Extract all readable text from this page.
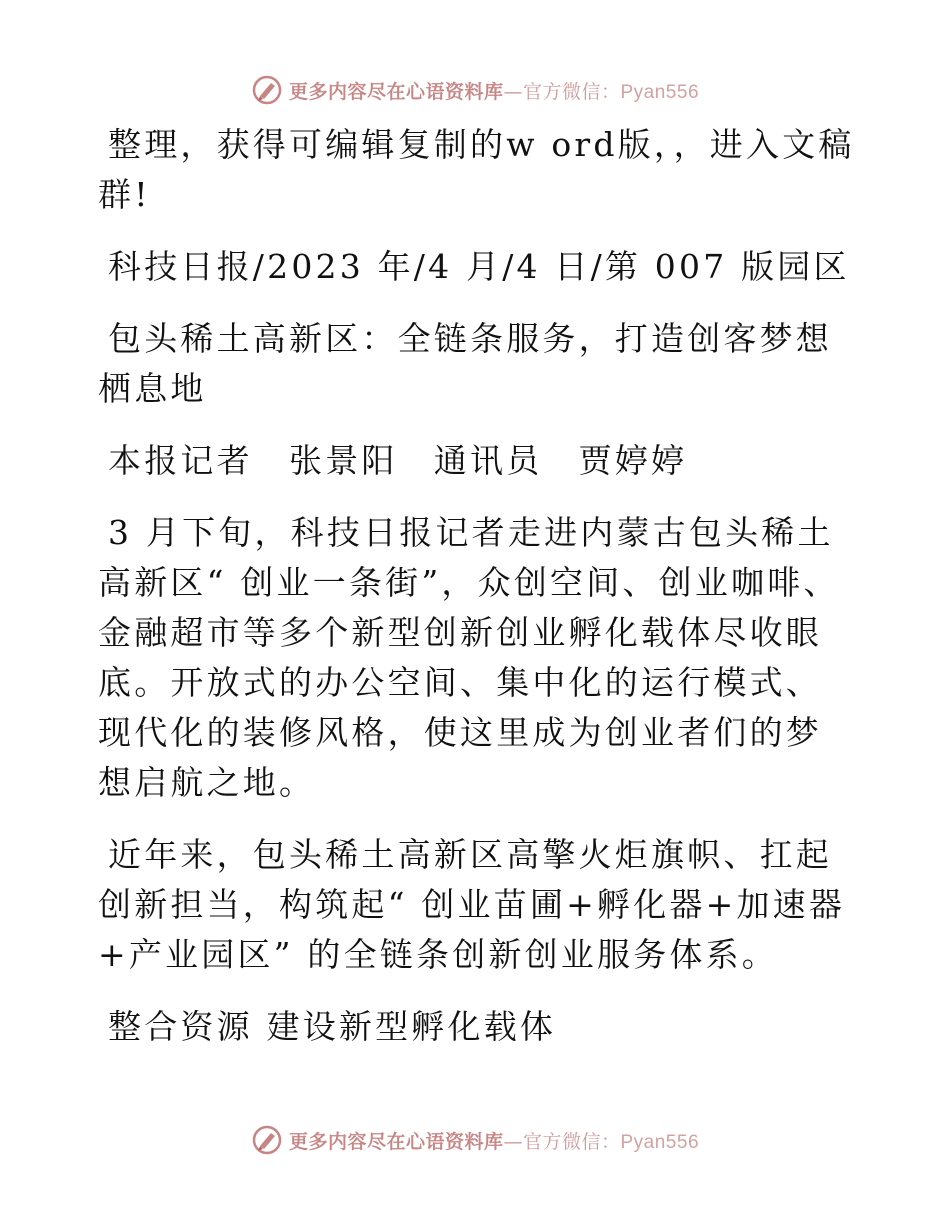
更多内容尽在心语资料库—官方微信：Pyan556

整理，获得可编辑复制的w ord版，，进入文稿群!

科技日报/2023 年/4 月/4 日/第 007 版园区

包头稀土高新区：全链条服务，打造创客梦想栖息地

本报记者　张景阳　通讯员　贾婷婷

3 月下旬，科技日报记者走进内蒙古包头稀土高新区“ 创业一条街”，众创空间、创业咖啡、金融超市等多个新型创新创业孵化载体尽收眼底。开放式的办公空间、集中化的运行模式、现代化的装修风格，使这里成为创业者们的梦想启航之地。

近年来，包头稀土高新区高擎火炬旗帜、扛起创新担当，构筑起“ 创业苗圃+孵化器+加速器+产业园区” 的全链条创新创业服务体系。

整合资源 建设新型孵化载体

更多内容尽在心语资料库—官方微信：Pyan556
